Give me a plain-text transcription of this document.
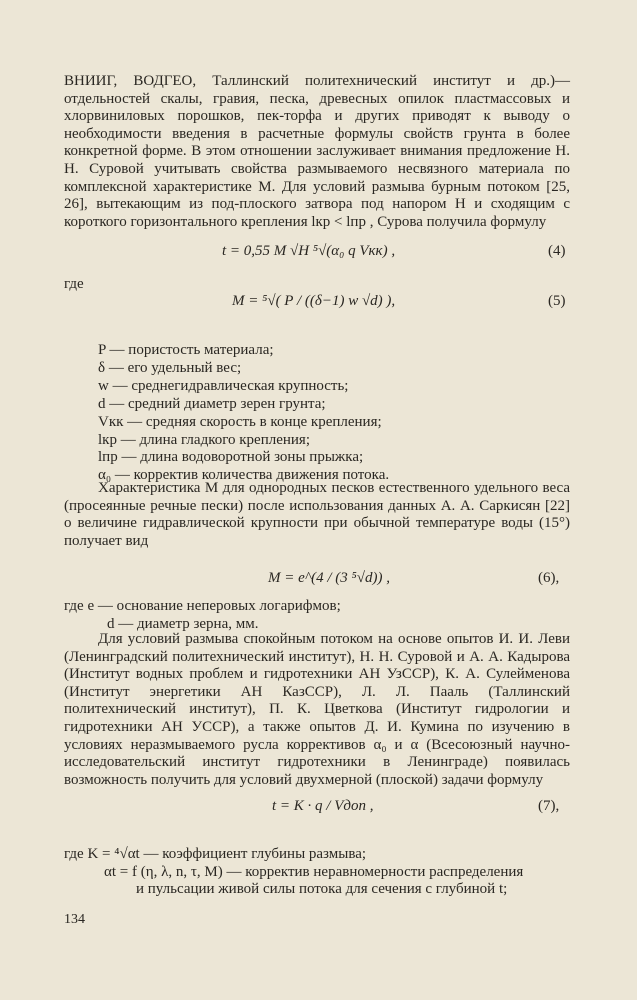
ВНИИГ, ВОДГЕО, Таллинский политехнический институт и др.)—отдельностей скалы, гравия, песка, древесных опилок пластмассовых и хлорвиниловых порошков, пек-торфа и других приводят к выводу о необходимости введения в расчетные формулы свойств грунта в более конкретной форме. В этом отношении заслуживает внимания предложение Н. Н. Суровой учитывать свойства размываемого несвязного материала по комплексной характеристике M. Для условий размыва бурным потоком [25, 26], вытекающим из под-плоского затвора под напором H и сходящим с короткого горизонтального крепления lкр < lпр , Сурова получила формулу
t = 0,55 M √H ⁵√(α₀ q Vкк) ,	(4)
где
M = ⁵√( P / ((δ−1) w √d) ),	(5)
P — пористость материала;
δ — его удельный вес;
w — среднегидравлическая крупность;
d — средний диаметр зерен грунта;
Vкк — средняя скорость в конце крепления;
lкр — длина гладкого крепления;
lпр — длина водоворотной зоны прыжка;
α₀ — корректив количества движения потока.
Характеристика M для однородных песков естественного удельного веса (просеянные речные пески) после использования данных А. А. Саркисян [22] о величине гидравлической крупности при обычной температуре воды (15°) получает вид
M = e^(4 / (3 ⁵√d)) ,	(6),
где e — основание неперовых логарифмов;
d — диаметр зерна, мм.
Для условий размыва спокойным потоком на основе опытов И. И. Леви (Ленинградский политехнический институт), Н. Н. Суровой и А. А. Кадырова (Институт водных проблем и гидротехники АН УзССР), К. А. Сулейменова (Институт энергетики АН КазССР), Л. Л. Пааль (Таллинский политехнический институт), П. К. Цветкова (Институт гидрологии и гидротехники АН УССР), а также опытов Д. И. Кумина по изучению в условиях неразмываемого русла коррективов α₀ и α (Всесоюзный научно-исследовательский институт гидротехники в Ленинграде) появилась возможность получить для условий двухмерной (плоской) задачи формулу
t = K · q / Vдоп ,	(7),
где K = ⁴√αt — коэффициент глубины размыва;
αt = f (η, λ, n, τ, M) — корректив неравномерности распределения
и пульсации живой силы потока для сечения с глубиной t;
134
